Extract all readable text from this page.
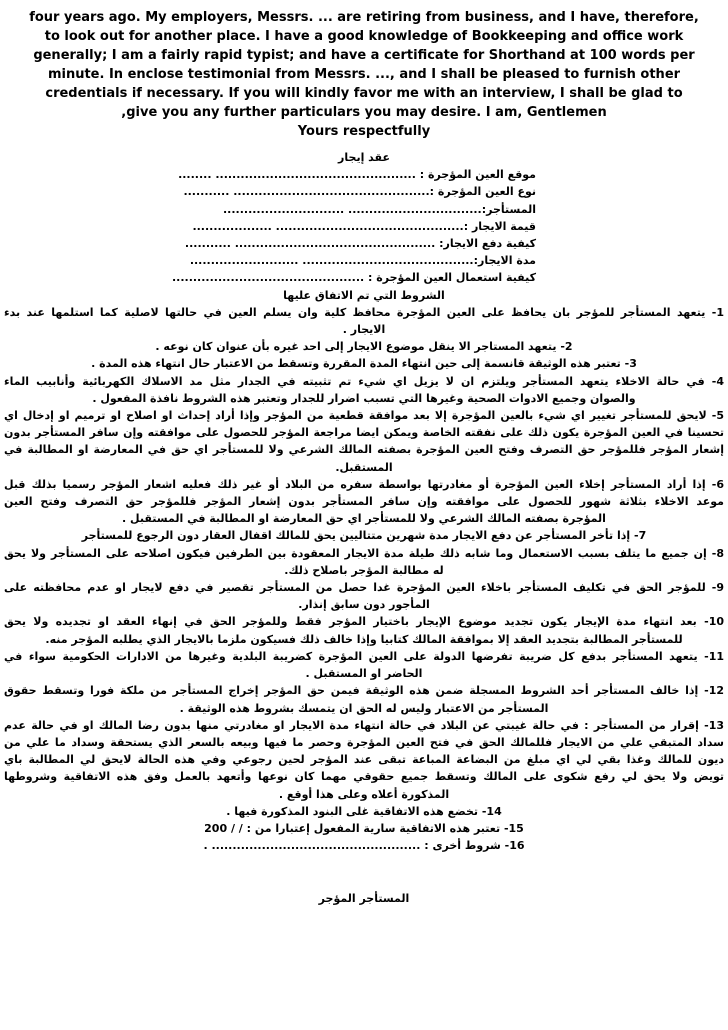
four years ago. My employers, Messrs. ... are retiring from business, and I have, therefore,
to look out for another place. I have a good knowledge of Bookkeeping and office work
generally; I am a fairly rapid typist; and have a certificate for Shorthand at 100 words per
minute. In enclose testimonial from Messrs. ..., and I shall be pleased to furnish other
credentials if necessary. If you will kindly favor me with an interview, I shall be glad to
,give you any further particulars you may desire. I am, Gentlemen
Yours respectfully
عقد إيجار
موقع العين المؤجرة : ................................................ ........
نوع العين المؤجرة :............................................... ...........
المستأجر:................................ .............................
قيمة الايجار :............................................. ...................
كيفية دفع الايجار: ................................................ ...........
مدة الايجار:......................................... ..........................
كيفية استعمال العين المؤجرة : ..............................................
الشروط التي تم الاتفاق عليها
1- يتعهد المستأجر للمؤجر بان يحافظ على العين المؤجرة محافظ كلية وان يسلم العين في حالتها لاصلية كما استلمها عند بدء
الايجار .
2- يتعهد المستاجر الا ينقل موضوع الايجار إلى احد غيره بأن عنوان كان نوعه .
3- تعتبر هذه الوثيقة قانسمة إلى حين انتهاء المدة المقررة وتسقط من الاعتبار حال انتهاء هذه المدة .
4- في حالة الاخلاء يتعهد المستأجر ويلتزم ان لا يزيل اي شيء تم تثبيته في الجدار مثل مد الاسلاك الكهربائية وأنابيب الماء
والصوان وجميع الادوات الصحية وغيرها التي تسبب اضرار للجدار وتعتبر هذه الشروط نافذة المفعول .
5- لايحق للمستأجر تغيير اي شيء بالعين المؤجرة إلا بعد موافقة قطعية من المؤجر وإذا أراد إحداث او اصلاح او ترميم او إدخال اي
تحسينا في العين المؤجرة يكون ذلك على نفقته الخاصة ويمكن ايضا مراجعة المؤجر للحصول على موافقته وإن سافر المستأجر بدون
إشعار المؤجر فللمؤجر حق التصرف وفتح العين المؤجرة بصفته المالك الشرعي ولا للمستأجر اي حق في المعارضة او المطالبة في
المستقبل.
6- إذا أراد المستأجر إخلاء العين المؤجرة أو مغادرتها بواسطة سفره من البلاد أو غير ذلك فعليه اشعار المؤجر رسميا بذلك قبل
موعد الاخلاء بثلاثة شهور للحصول على موافقته وإن سافر المستأجر بدون إشعار المؤجر فللمؤجر حق التصرف وفتح العين
المؤجرة بصفته المالك الشرعي ولا للمستأجر اي حق المعارضة او المطالبة في المستقبل .
7- إذا تأخر المستأجر عن دفع الايجار مدة شهرين متتاليين يحق للمالك اقفال العقار دون الرجوع للمستأجر
8- إن جميع ما يتلف بسبب الاستعمال وما شابه ذلك طيلة مدة الايجار المعقودة بين الطرفين فيكون اصلاحه على المستأجر ولا يحق
له مطالبة المؤجر باصلاح ذلك.
9- للمؤجر الحق في تكليف المستأجر باخلاء العين المؤجرة غدا حصل من المستأجر تقصير في دفع لايجار او عدم محافظته على
المأجور دون سابق إنذار.
10- بعد انتهاء مدة الإيجار يكون تجديد موضوع الإيجار باختيار المؤجر فقط وللمؤجر الحق في إنهاء العقد او تجديده ولا يحق
للمستأجر المطالبة بتجديد العقد إلا بموافقة المالك كتابيا وإذا خالف ذلك فسيكون ملزما بالايجار الذي يطلبه المؤجر منه.
11- يتعهد المستأجر بدفع كل ضريبة تفرضها الدولة على العين المؤجرة كضريبة البلدية وغيرها من الادارات الحكومية سواء في
الحاضر او المستقبل .
12- إذا خالف المستأجر أحد الشروط المسجلة ضمن هذه الوثيقة فيمن حق المؤجر إخراج المستأجر من ملكة فورا وتسقط حقوق
المستأجر من الاعتبار وليس له الحق ان يتمسك بشروط هذه الوثيقة .
13- إقرار من المستأجر : في حالة غيبتي عن البلاد في حالة انتهاء مدة الايجار او مغادرتي منها بدون رضا المالك او في حالة عدم
سداد المتبقي علي من الايجار فللمالك الحق في فتح العين المؤجرة وحصر ما فيها وبيعه بالسعر الذي يستحقة وسداد ما علي من
ديون للمالك وغذا بقي لي اي مبلغ من البضاعة المباعة تبقى عند المؤجر لحين رجوعي وفي هذه الحالة لايحق لي المطالبة باي
تويض ولا يحق لي رفع شكوى على المالك وتسقط جميع حقوقي مهما كان نوعها وأتعهد بالعمل وفق هذه الاتفاقية وشروطها
المذكورة أعلاه وعلى هذا أوقع .
14- تخضع هذه الاتفاقية غلى البنود المذكورة فيها .
15- تعتبر هذه الاتفاقية سارية المفعول إعتبارا من : / / 200
16- شروط أخرى : .................................................. .
المستأجر المؤجر
